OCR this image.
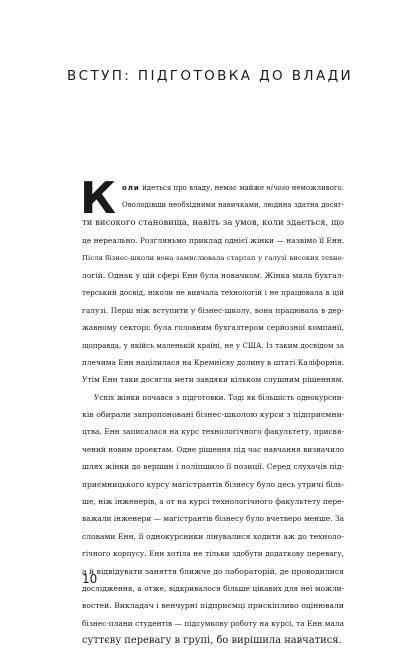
ВСТУП: ПІДГОТОВКА ДО ВЛАДИ
К оли йдеться про владу, немає майже нічого неможливого.
Оволодівши необхідними навичками, людина здатна досяг-
ти високого становища, навіть за умов, коли здається, що
це нереально. Розгляньмо приклад однієї жінки — назвімо її Енн.
Після бізнес-школи вона замислювала стартап у галузі високих техно-
логій. Однак у цій сфері Енн була новачком. Жінка мала бухгал-
терський досвід, ніколи не вивчала технологій і не працювала в цій
галузі. Перш ніж вступити у бізнес-школу, вона працювала в дер-
жавному секторі: була головним бухгалтером серйозної компанії,
щоправда, у якійсь маленькій країні, не у США. Із таким досвідом за
плечима Енн націлилася на Кремнієву долину в штаті Каліфорнія.
Утім Енн таки досягла мети завдяки кільком слушним рішенням.
Успіх жінки почався з підготовки. Тоді як більшість однокурсни-
ків обирали запропоновані бізнес-школою курси з підприємни-
цтва, Енн записалася на курс технологічного факультету, присвя-
чений новим проектам. Одне рішення під час навчання визначило
шлях жінки до вершин і поліпшило її позиції. Серед слухачів під-
приємницького курсу магістрантів бізнесу було десь утричі біль-
ше, ніж інженерів, а от на курсі технологічного факультету пере-
важали інженери — магістрантів бізнесу було вчетверо менше. За
словами Енн, її однокурсники лінувалися ходити аж до техноло-
гічного корпусу. Енн хотіла не тільки здобути додаткову перевагу,
а й відвідувати заняття ближче до лабораторій, де проводилися
дослідження, а отже, відкривалося більше цікавих для неї можли-
востей. Викладач і венчурні підприємці прискіпливо оцінювали
бізнес-плани студентів — підсумкову роботу на курсі, та Енн мала
суттєву перевагу в групі, бо вирішила навчатися.
10
